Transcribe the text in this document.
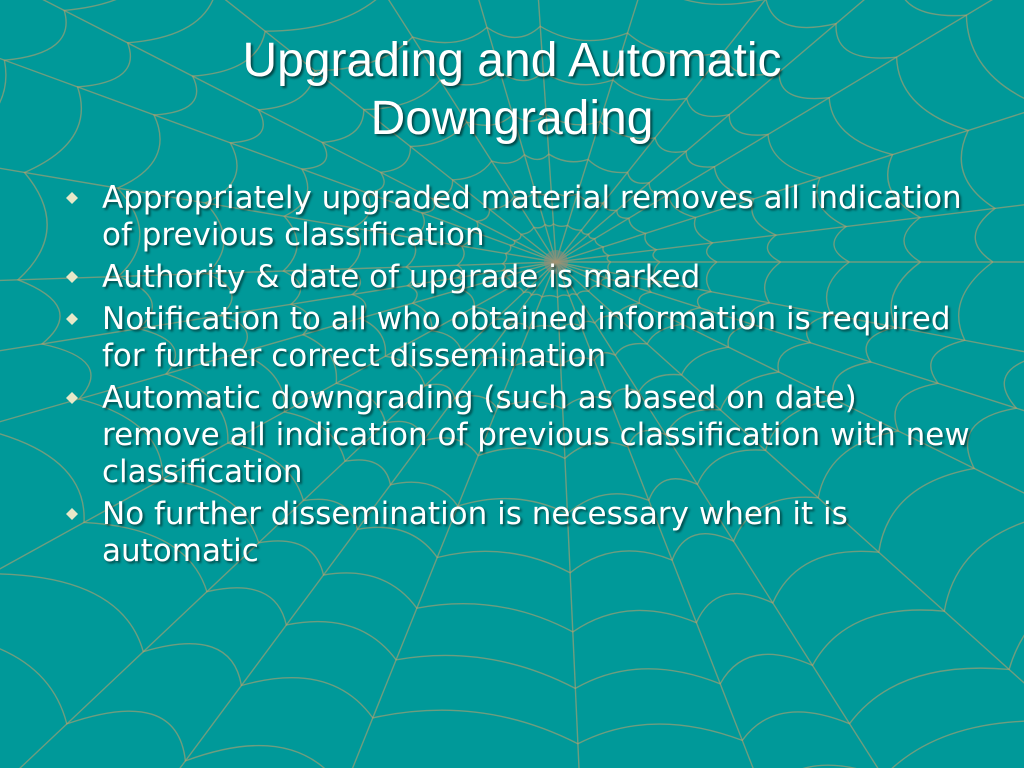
Upgrading and Automatic
Downgrading
Appropriately upgraded material removes all indication of previous classification
Authority & date of upgrade is marked
Notification to all who obtained information is required for further correct dissemination
Automatic downgrading (such as based on date) remove all indication of previous classification with new classification
No further dissemination is necessary when it is automatic
